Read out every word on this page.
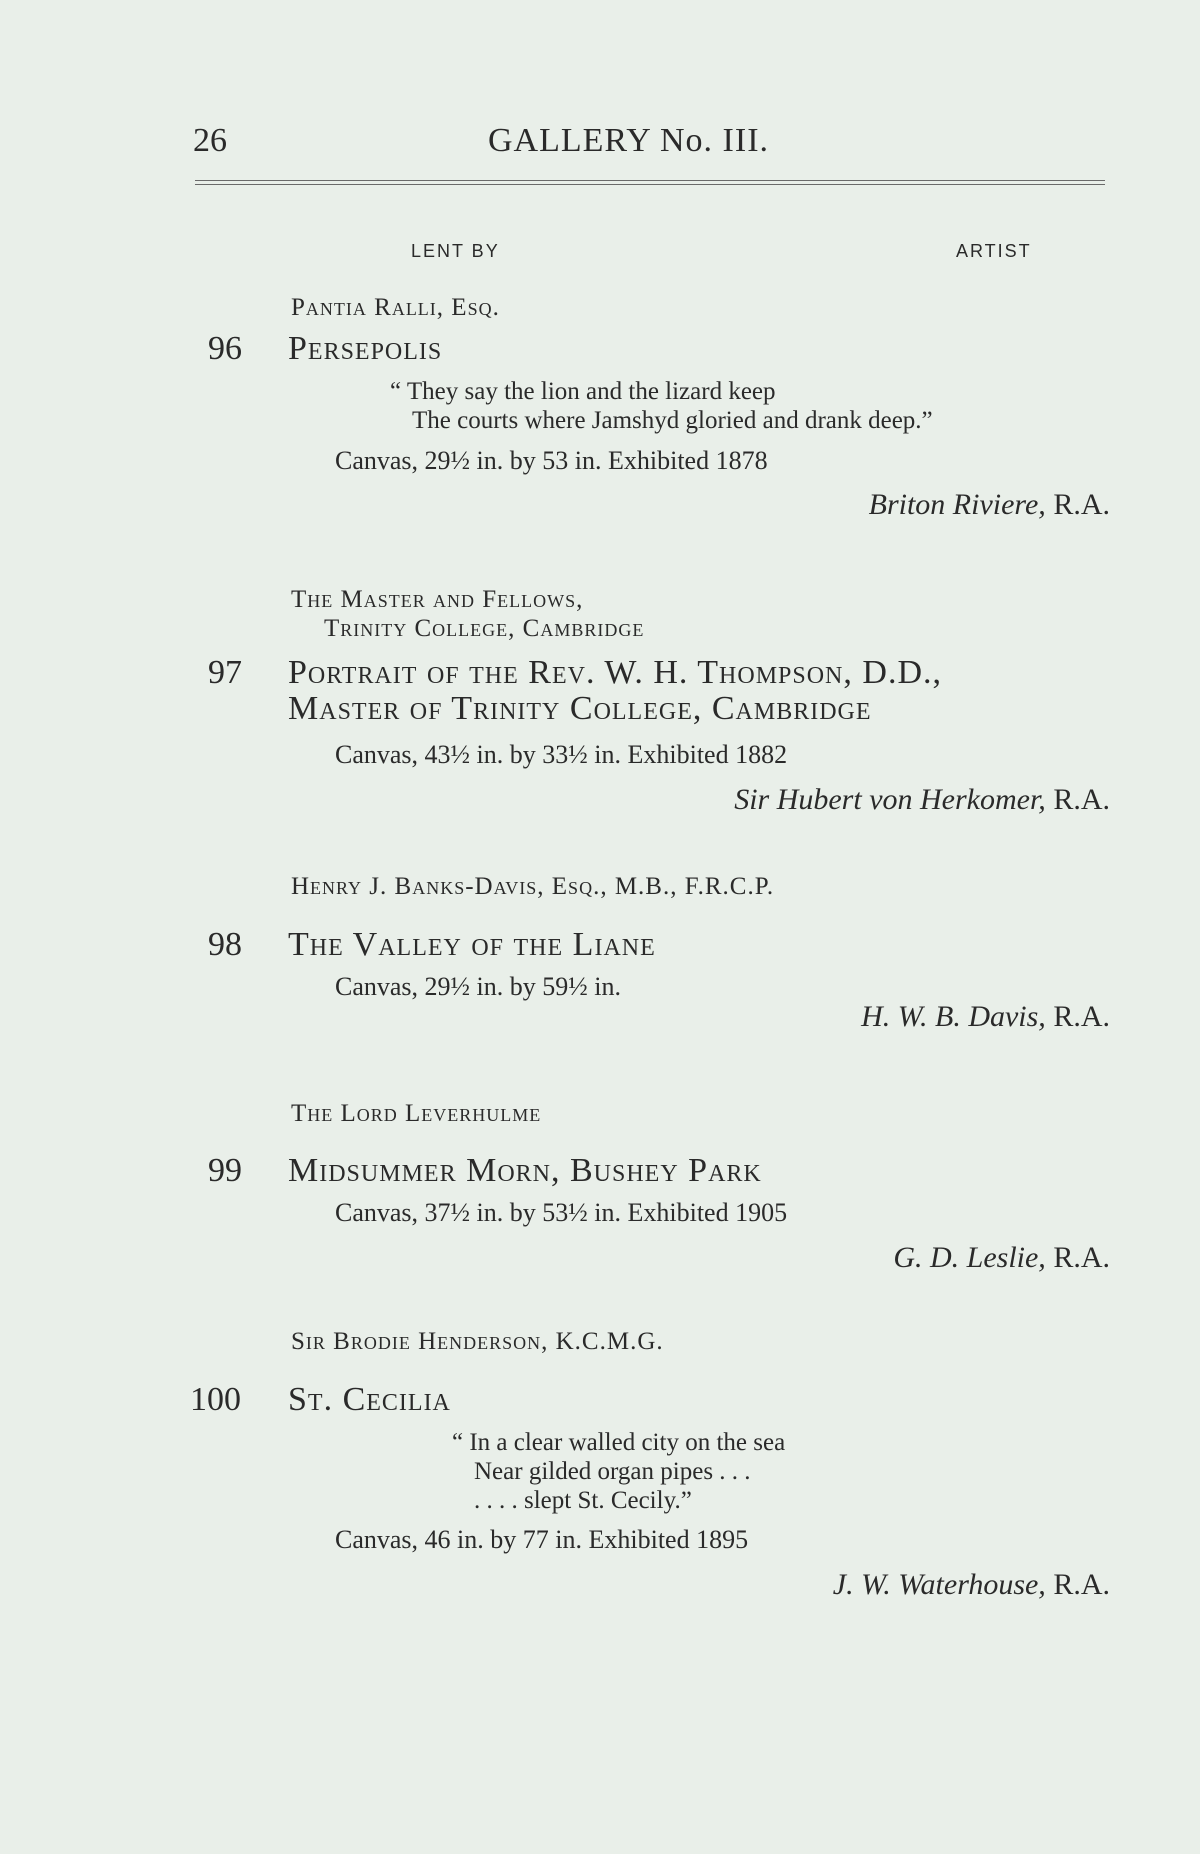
26	GALLERY No. III.
LENT BY	ARTIST
Pantia Ralli, Esq.
96 Persepolis
“ They say the lion and the lizard keep
The courts where Jamshyd gloried and drank deep.”
Canvas, 29½ in. by 53 in. Exhibited 1878
Briton Riviere, R.A.
The Master and Fellows,
Trinity College, Cambridge
97 Portrait of the Rev. W. H. Thompson, D.D.,
Master of Trinity College, Cambridge
Canvas, 43½ in. by 33½ in. Exhibited 1882
Sir Hubert von Herkomer, R.A.
Henry J. Banks-Davis, Esq., M.B., F.R.C.P.
98 The Valley of the Liane
Canvas, 29½ in. by 59½ in.
H. W. B. Davis, R.A.
The Lord Leverhulme
99 Midsummer Morn, Bushey Park
Canvas, 37½ in. by 53½ in. Exhibited 1905
G. D. Leslie, R.A.
Sir Brodie Henderson, K.C.M.G.
100 St. Cecilia
“ In a clear walled city on the sea
Near gilded organ pipes . . .
. . . . slept St. Cecily.”
Canvas, 46 in. by 77 in. Exhibited 1895
J. W. Waterhouse, R.A.
